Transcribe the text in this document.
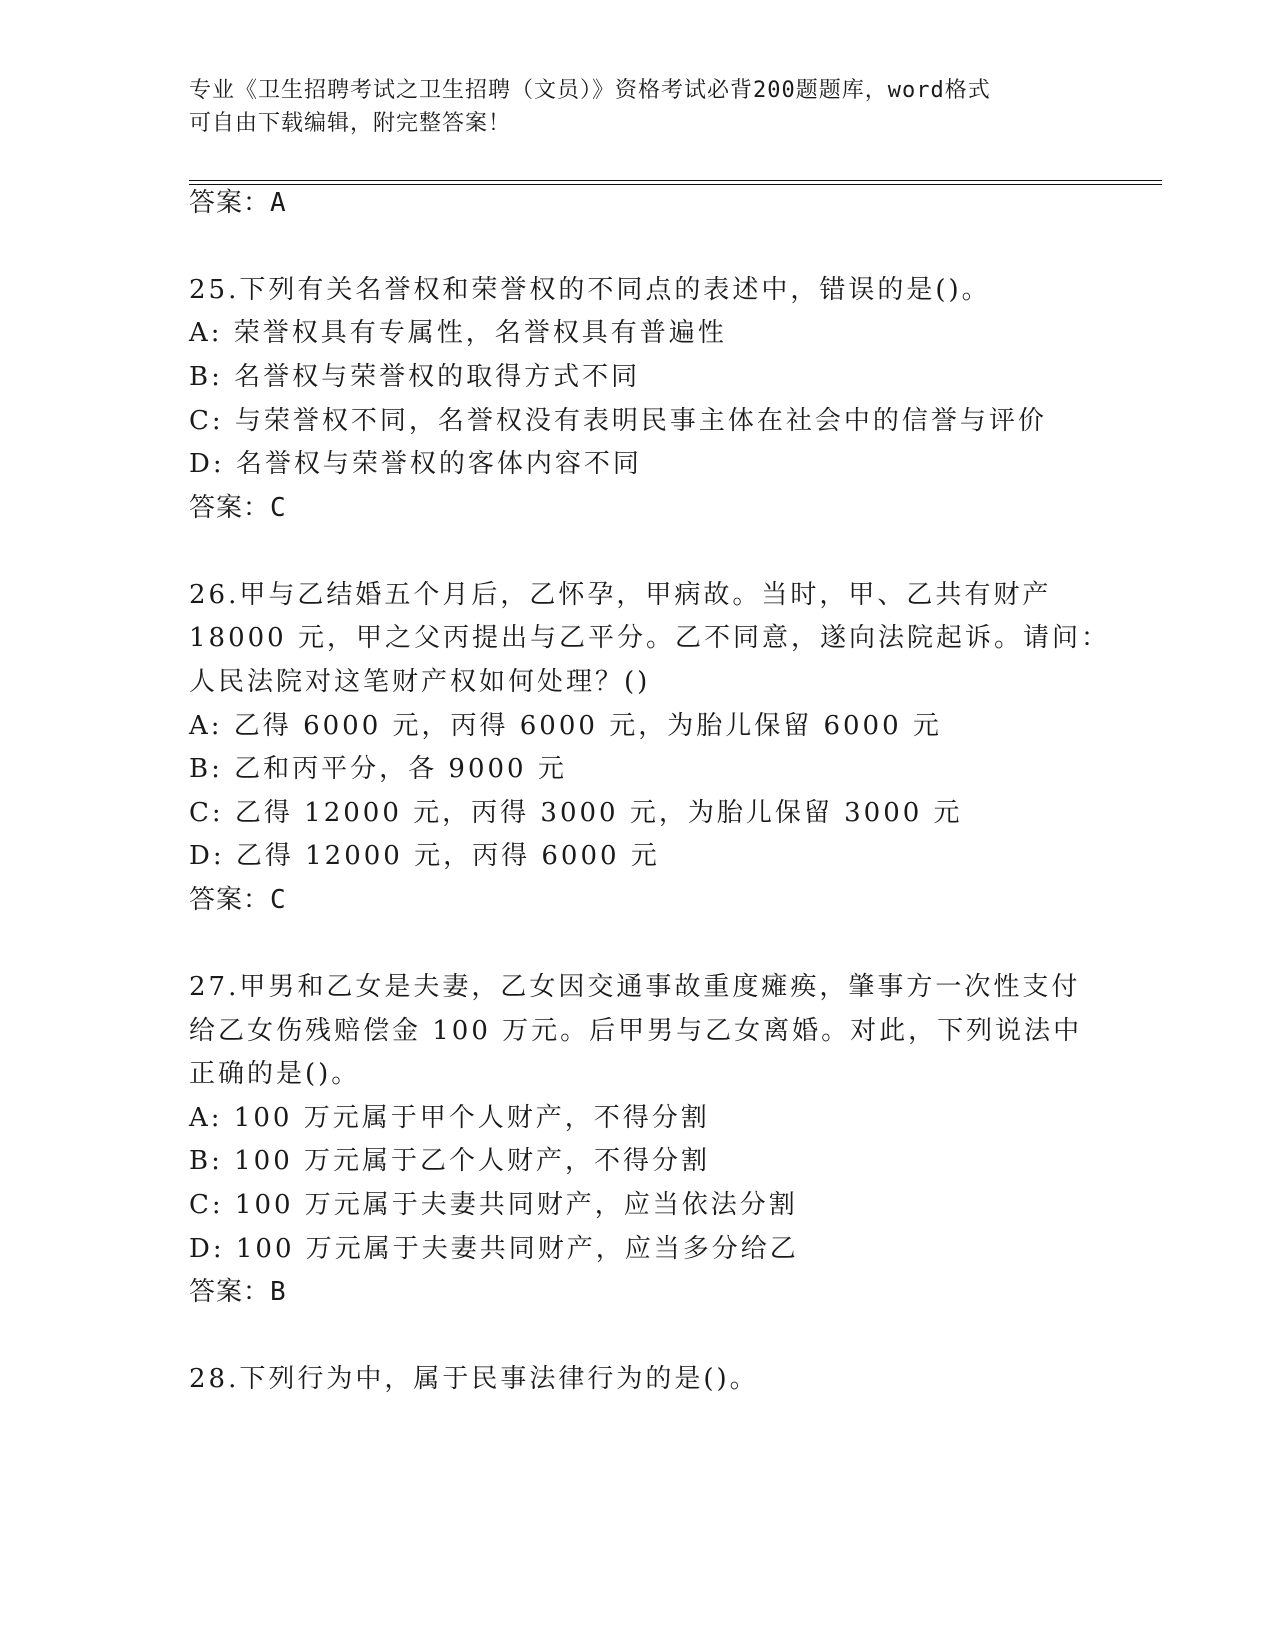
专业《卫生招聘考试之卫生招聘（文员）》资格考试必背200题题库，word格式
可自由下载编辑，附完整答案！
答案：A
25.下列有关名誉权和荣誉权的不同点的表述中，错误的是()。
A: 荣誉权具有专属性，名誉权具有普遍性
B: 名誉权与荣誉权的取得方式不同
C: 与荣誉权不同，名誉权没有表明民事主体在社会中的信誉与评价
D: 名誉权与荣誉权的客体内容不同
答案：C
26.甲与乙结婚五个月后，乙怀孕，甲病故。当时，甲、乙共有财产
18000 元，甲之父丙提出与乙平分。乙不同意，遂向法院起诉。请问：
人民法院对这笔财产权如何处理？()
A: 乙得 6000 元，丙得 6000 元，为胎儿保留 6000 元
B: 乙和丙平分，各 9000 元
C: 乙得 12000 元，丙得 3000 元，为胎儿保留 3000 元
D: 乙得 12000 元，丙得 6000 元
答案：C
27.甲男和乙女是夫妻，乙女因交通事故重度瘫痪，肇事方一次性支付
给乙女伤残赔偿金 100 万元。后甲男与乙女离婚。对此，下列说法中
正确的是()。
A: 100 万元属于甲个人财产，不得分割
B: 100 万元属于乙个人财产，不得分割
C: 100 万元属于夫妻共同财产，应当依法分割
D: 100 万元属于夫妻共同财产，应当多分给乙
答案：B
28.下列行为中，属于民事法律行为的是()。
